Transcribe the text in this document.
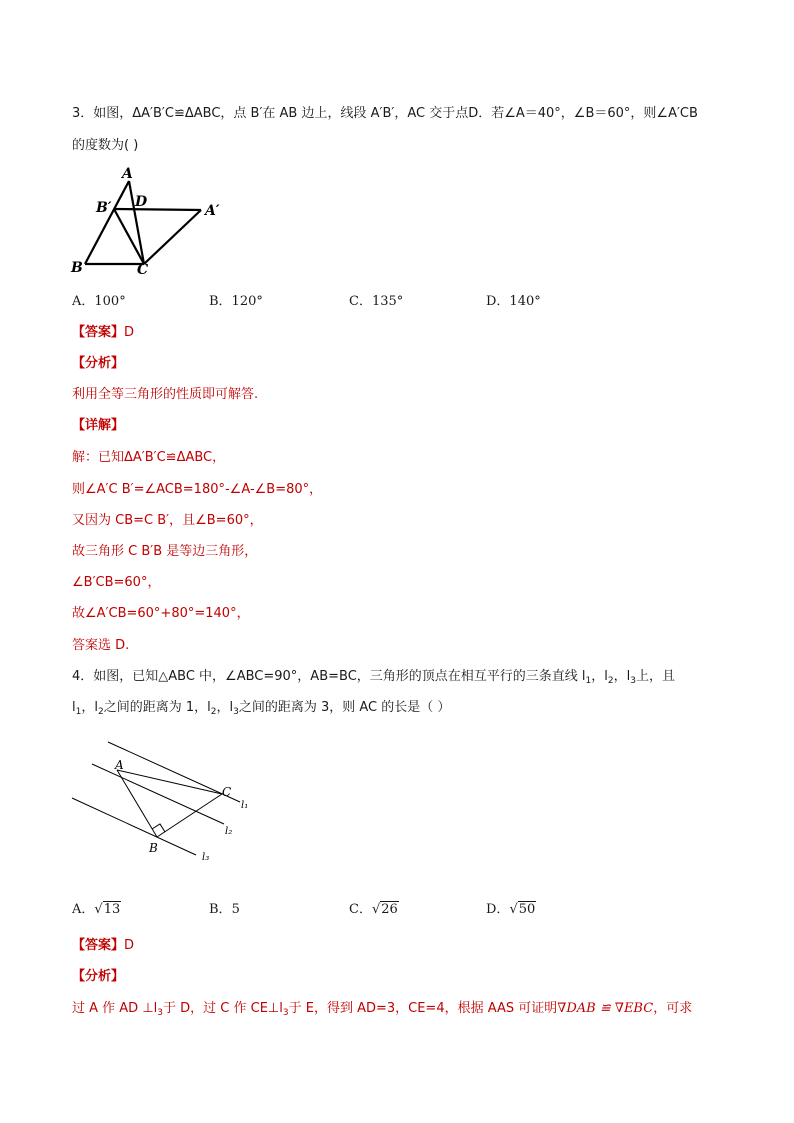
3．如图，ΔA′B′C≌ΔABC，点 B′在 AB 边上，线段 A′B′，AC 交于点D．若∠A＝40°，∠B＝60°，则∠A′CB
的度数为( )
A
B′ D
A′
B	C
A．100°	B．120°	C．135°	D．140°
【答案】D
【分析】
利用全等三角形的性质即可解答.
【详解】
解：已知ΔA′B′C≌ΔABC，
则∠A′C B′=∠ACB=180°-∠A-∠B=80°，
又因为 CB=C B′，且∠B=60°，
故三角形 C B′B 是等边三角形，
∠B′CB=60°，
故∠A′CB=60°+80°=140°，
答案选 D.
4．如图，已知△ABC 中，∠ABC=90°，AB=BC，三角形的顶点在相互平行的三条直线 $l_1$，$l_2$，$l_3$上，且
$l_1$，$l_2$之间的距离为 1，$l_2$，$l_3$之间的距离为 3，则 AC 的长是（ ）
A
C
B
l₁
l₂
l₃
A．√13	B．5	C．√26	D．√50
【答案】D
【分析】
过 A 作 AD $\perp l_3$于 D，过 C 作 $CE\perp l_3$于 E，得到 AD=3，CE=4，根据 AAS 可证明∇DAB ≌ ∇EBC，可求
